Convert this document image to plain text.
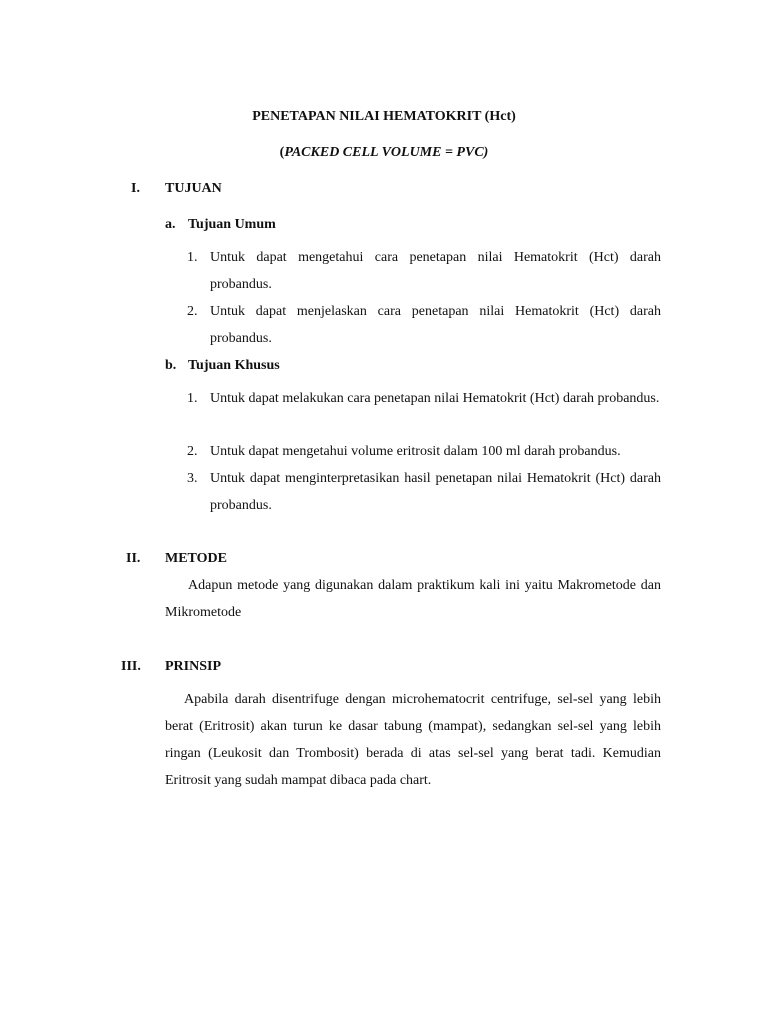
PENETAPAN NILAI HEMATOKRIT (Hct)
(PACKED CELL VOLUME = PVC)
I. TUJUAN
a. Tujuan Umum
1. Untuk dapat mengetahui cara penetapan nilai Hematokrit (Hct) darah probandus.
2. Untuk dapat menjelaskan cara penetapan nilai Hematokrit (Hct) darah probandus.
b. Tujuan Khusus
1. Untuk dapat melakukan cara penetapan nilai Hematokrit (Hct) darah probandus.
2. Untuk dapat mengetahui volume eritrosit dalam 100 ml darah probandus.
3. Untuk dapat menginterpretasikan hasil penetapan nilai Hematokrit (Hct) darah probandus.
II. METODE
Adapun metode yang digunakan dalam praktikum kali ini yaitu Makrometode dan Mikrometode
III. PRINSIP
Apabila darah disentrifuge dengan microhematocrit centrifuge, sel-sel yang lebih berat (Eritrosit) akan turun ke dasar tabung (mampat), sedangkan sel-sel yang lebih ringan (Leukosit dan Trombosit) berada di atas sel-sel yang berat tadi. Kemudian Eritrosit yang sudah mampat dibaca pada chart.
